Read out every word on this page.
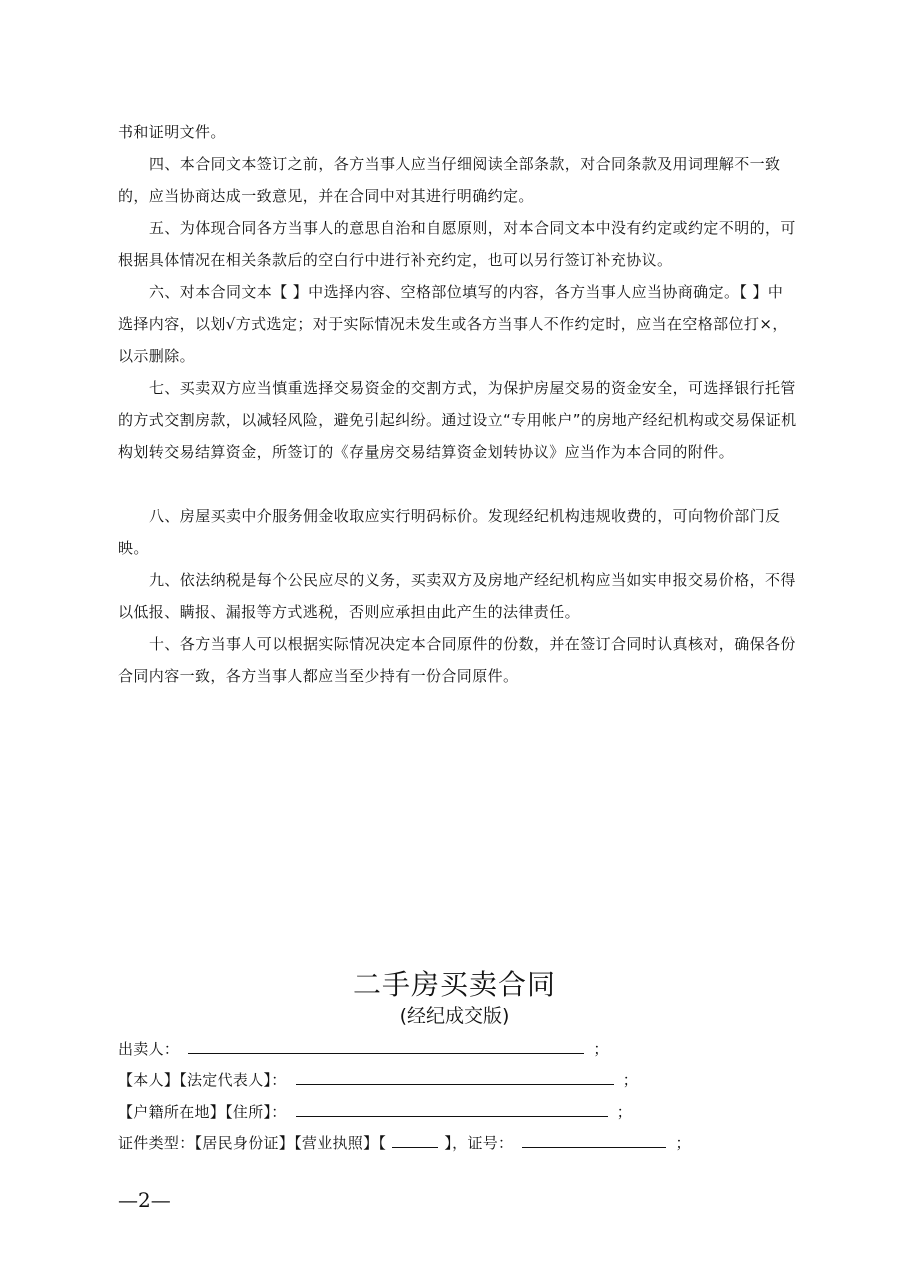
书和证明文件。

四、本合同文本签订之前，各方当事人应当仔细阅读全部条款，对合同条款及用词理解不一致的，应当协商达成一致意见，并在合同中对其进行明确约定。

五、为体现合同各方当事人的意思自治和自愿原则，对本合同文本中没有约定或约定不明的，可根据具体情况在相关条款后的空白行中进行补充约定，也可以另行签订补充协议。

六、对本合同文本【 】中选择内容、空格部位填写的内容，各方当事人应当协商确定。【 】中选择内容，以划√方式选定；对于实际情况未发生或各方当事人不作约定时，应当在空格部位打×，以示删除。

七、买卖双方应当慎重选择交易资金的交割方式，为保护房屋交易的资金安全，可选择银行托管的方式交割房款，以减轻风险，避免引起纠纷。通过设立“专用帐户”的房地产经纪机构或交易保证机构划转交易结算资金，所签订的《存量房交易结算资金划转协议》应当作为本合同的附件。

八、房屋买卖中介服务佣金收取应实行明码标价。发现经纪机构违规收费的，可向物价部门反映。

九、依法纳税是每个公民应尽的义务，买卖双方及房地产经纪机构应当如实申报交易价格，不得以低报、瞒报、漏报等方式逃税，否则应承担由此产生的法律责任。

十、各方当事人可以根据实际情况决定本合同原件的份数，并在签订合同时认真核对，确保各份合同内容一致，各方当事人都应当至少持有一份合同原件。

二手房买卖合同
(经纪成交版)
出卖人：	；
【本人】【法定代表人】：	；
【户籍所在地】【住所】：	；
证件类型：【居民身份证】【营业执照】【	】，证号：	；
—2—
